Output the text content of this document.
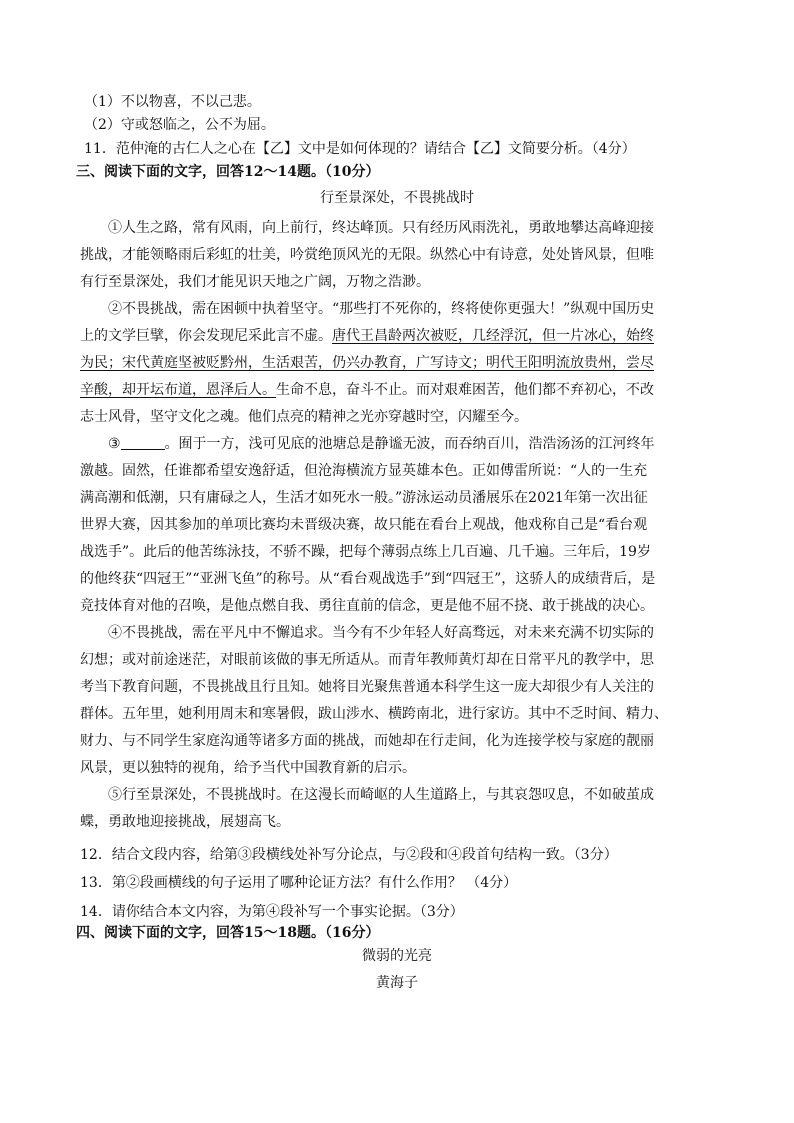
（1）不以物喜，不以己悲。
（2）守或怒临之，公不为屈。
11．范仲淹的古仁人之心在【乙】文中是如何体现的？请结合【乙】文简要分析。（4分）
三、阅读下面的文字，回答12～14题。（10分）
行至景深处，不畏挑战时
①人生之路，常有风雨，向上前行，终达峰顶。只有经历风雨洗礼，勇敢地攀达高峰迎接
挑战，才能领略雨后彩虹的壮美，吟赏绝顶风光的无限。纵然心中有诗意，处处皆风景，但唯
有行至景深处，我们才能见识天地之广阔，万物之浩渺。
②不畏挑战，需在困顿中执着坚守。“那些打不死你的，终将使你更强大！”纵观中国历史
上的文学巨擘，你会发现尼采此言不虚。唐代王昌龄两次被贬，几经浮沉，但一片冰心，始终
为民；宋代黄庭坚被贬黔州，生活艰苦，仍兴办教育，广写诗文；明代王阳明流放贵州，尝尽
辛酸，却开坛布道，恩泽后人。生命不息，奋斗不止。而对艰难困苦，他们都不弃初心，不改
志士风骨，坚守文化之魂。他们点亮的精神之光亦穿越时空，闪耀至今。
③	。囿于一方，浅可见底的池塘总是静谧无波，而吞纳百川，浩浩汤汤的江河终年
激越。固然，任谁都希望安逸舒适，但沧海横流方显英雄本色。正如傅雷所说：“人的一生充
满高潮和低潮，只有庸碌之人，生活才如死水一般。”游泳运动员潘展乐在2021年第一次出征
世界大赛，因其参加的单项比赛均未晋级决赛，故只能在看台上观战，他戏称自己是“看台观
战选手”。此后的他苦练泳技，不骄不躁，把每个薄弱点练上几百遍、几千遍。三年后，19岁
的他终获“四冠王”“亚洲飞鱼”的称号。从“看台观战选手”到“四冠王”，这骄人的成绩背后，是
竞技体育对他的召唤，是他点燃自我、勇往直前的信念，更是他不屈不挠、敢于挑战的决心。
④不畏挑战，需在平凡中不懈追求。当今有不少年轻人好高骛远，对未来充满不切实际的
幻想；或对前途迷茫，对眼前该做的事无所适从。而青年教师黄灯却在日常平凡的教学中，思
考当下教育问题，不畏挑战且行且知。她将目光聚焦普通本科学生这一庞大却很少有人关注的
群体。五年里，她利用周末和寒暑假，跋山涉水、横跨南北，进行家访。其中不乏时间、精力、
财力、与不同学生家庭沟通等诸多方面的挑战，而她却在行走间，化为连接学校与家庭的靓丽
风景，更以独特的视角，给予当代中国教育新的启示。
⑤行至景深处，不畏挑战时。在这漫长而崎岖的人生道路上，与其哀怨叹息，不如破茧成
蝶，勇敢地迎接挑战，展翅高飞。
12．结合文段内容，给第③段横线处补写分论点，与②段和④段首句结构一致。（3分）
13．第②段画横线的句子运用了哪种论证方法？有什么作用？ （4分）
14．请你结合本文内容，为第④段补写一个事实论据。（3分）
四、阅读下面的文字，回答15～18题。（16分）
微弱的光亮
黄海子
